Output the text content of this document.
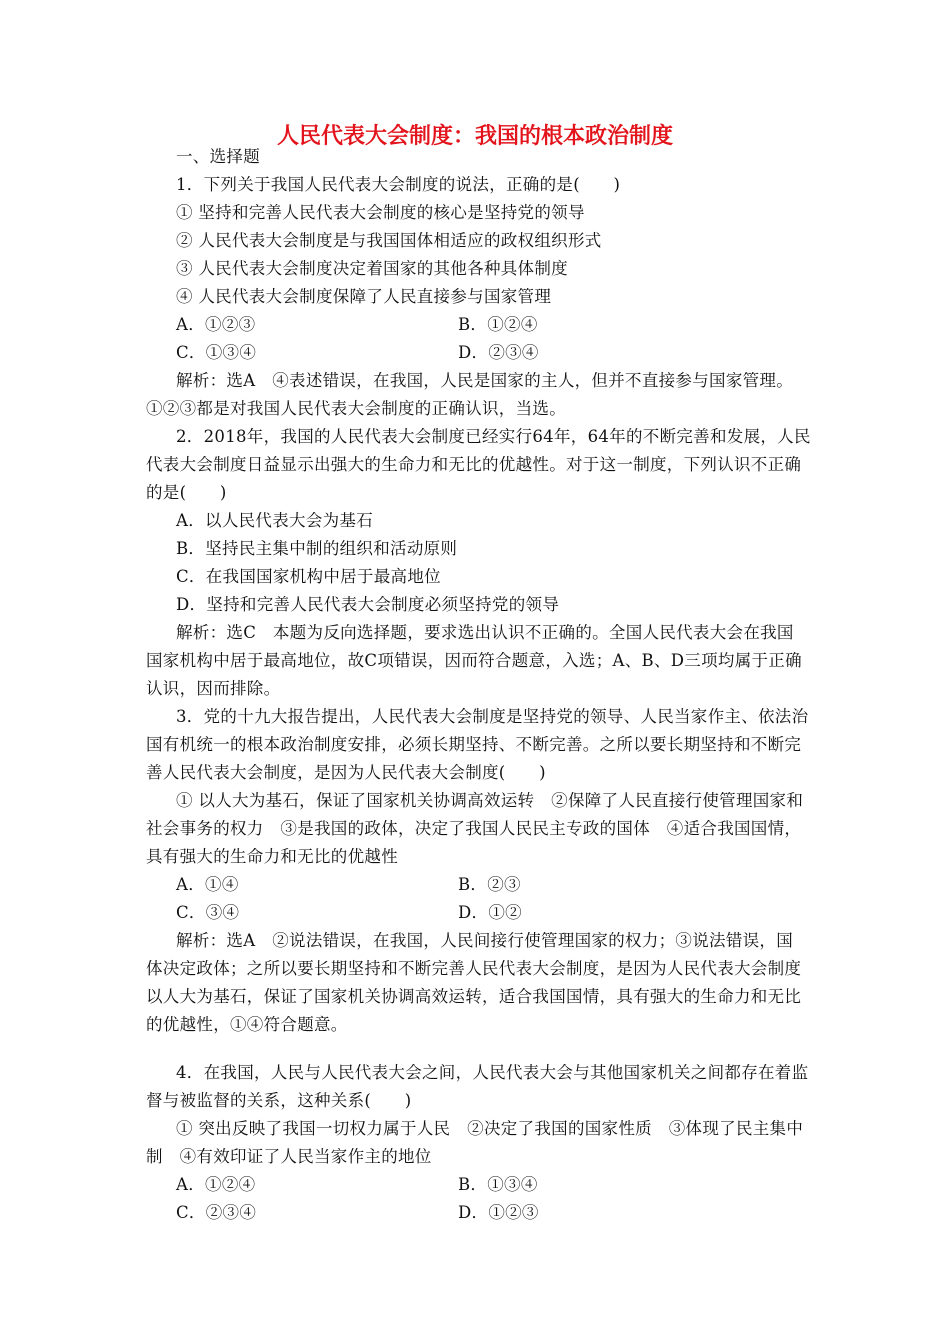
人民代表大会制度：我国的根本政治制度
一、选择题
1．下列关于我国人民代表大会制度的说法，正确的是(　　)
① 坚持和完善人民代表大会制度的核心是坚持党的领导
② 人民代表大会制度是与我国国体相适应的政权组织形式
③ 人民代表大会制度决定着国家的其他各种具体制度
④ 人民代表大会制度保障了人民直接参与国家管理
A．①②③	B．①②④
C．①③④	D．②③④
解析：选A　④表述错误，在我国，人民是国家的主人，但并不直接参与国家管理。
①②③都是对我国人民代表大会制度的正确认识，当选。
2．2018年，我国的人民代表大会制度已经实行64年，64年的不断完善和发展，人民
代表大会制度日益显示出强大的生命力和无比的优越性。对于这一制度，下列认识不正确
的是(　　)
A．以人民代表大会为基石
B．坚持民主集中制的组织和活动原则
C．在我国国家机构中居于最高地位
D．坚持和完善人民代表大会制度必须坚持党的领导
解析：选C　本题为反向选择题，要求选出认识不正确的。全国人民代表大会在我国
国家机构中居于最高地位，故C项错误，因而符合题意，入选；A、B、D三项均属于正确
认识，因而排除。
3．党的十九大报告提出，人民代表大会制度是坚持党的领导、人民当家作主、依法治
国有机统一的根本政治制度安排，必须长期坚持、不断完善。之所以要长期坚持和不断完
善人民代表大会制度，是因为人民代表大会制度(　　)
① 以人大为基石，保证了国家机关协调高效运转　②保障了人民直接行使管理国家和
社会事务的权力　③是我国的政体，决定了我国人民民主专政的国体　④适合我国国情，
具有强大的生命力和无比的优越性
A．①④	B．②③
C．③④	D．①②
解析：选A　②说法错误，在我国，人民间接行使管理国家的权力；③说法错误，国
体决定政体；之所以要长期坚持和不断完善人民代表大会制度，是因为人民代表大会制度
以人大为基石，保证了国家机关协调高效运转，适合我国国情，具有强大的生命力和无比
的优越性，①④符合题意。
4．在我国，人民与人民代表大会之间，人民代表大会与其他国家机关之间都存在着监
督与被监督的关系，这种关系(　　)
① 突出反映了我国一切权力属于人民　②决定了我国的国家性质　③体现了民主集中
制　④有效印证了人民当家作主的地位
A．①②④	B．①③④
C．②③④	D．①②③
